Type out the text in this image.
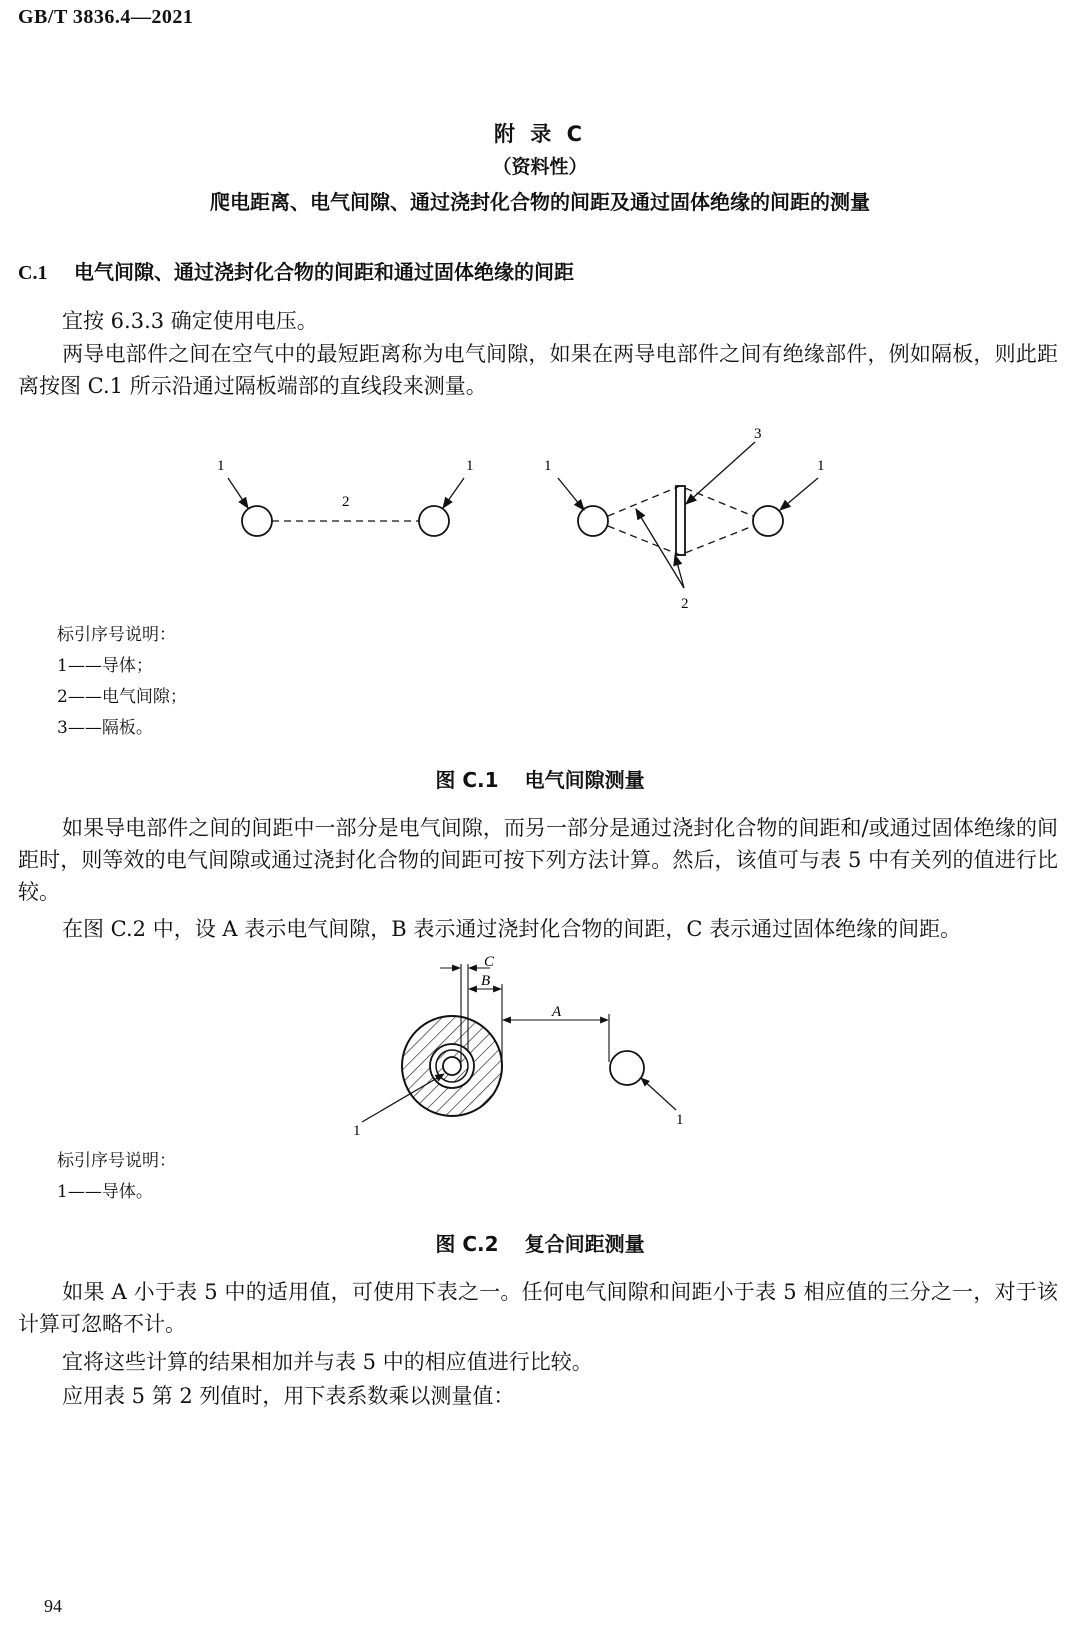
GB/T 3836.4—2021
附 录 C
（资料性）
爬电距离、电气间隙、通过浇封化合物的间距及通过固体绝缘的间距的测量
C.1 电气间隙、通过浇封化合物的间距和通过固体绝缘的间距
宜按 6.3.3 确定使用电压。
两导电部件之间在空气中的最短距离称为电气间隙，如果在两导电部件之间有绝缘部件，例如隔板，则此距离按图 C.1 所示沿通过隔板端部的直线段来测量。
1	1
2
1	1
3
2
标引序号说明：
1——导体；
2——电气间隙；
3——隔板。
图 C.1 电气间隙测量
如果导电部件之间的间距中一部分是电气间隙，而另一部分是通过浇封化合物的间距和/或通过固体绝缘的间距时，则等效的电气间隙或通过浇封化合物的间距可按下列方法计算。然后，该值可与表 5 中有关列的值进行比较。
在图 C.2 中，设 A 表示电气间隙，B 表示通过浇封化合物的间距，C 表示通过固体绝缘的间距。
C
B
A
1
1
标引序号说明：
1——导体。
图 C.2 复合间距测量
如果 A 小于表 5 中的适用值，可使用下表之一。任何电气间隙和间距小于表 5 相应值的三分之一，对于该计算可忽略不计。
宜将这些计算的结果相加并与表 5 中的相应值进行比较。
应用表 5 第 2 列值时，用下表系数乘以测量值：
94
